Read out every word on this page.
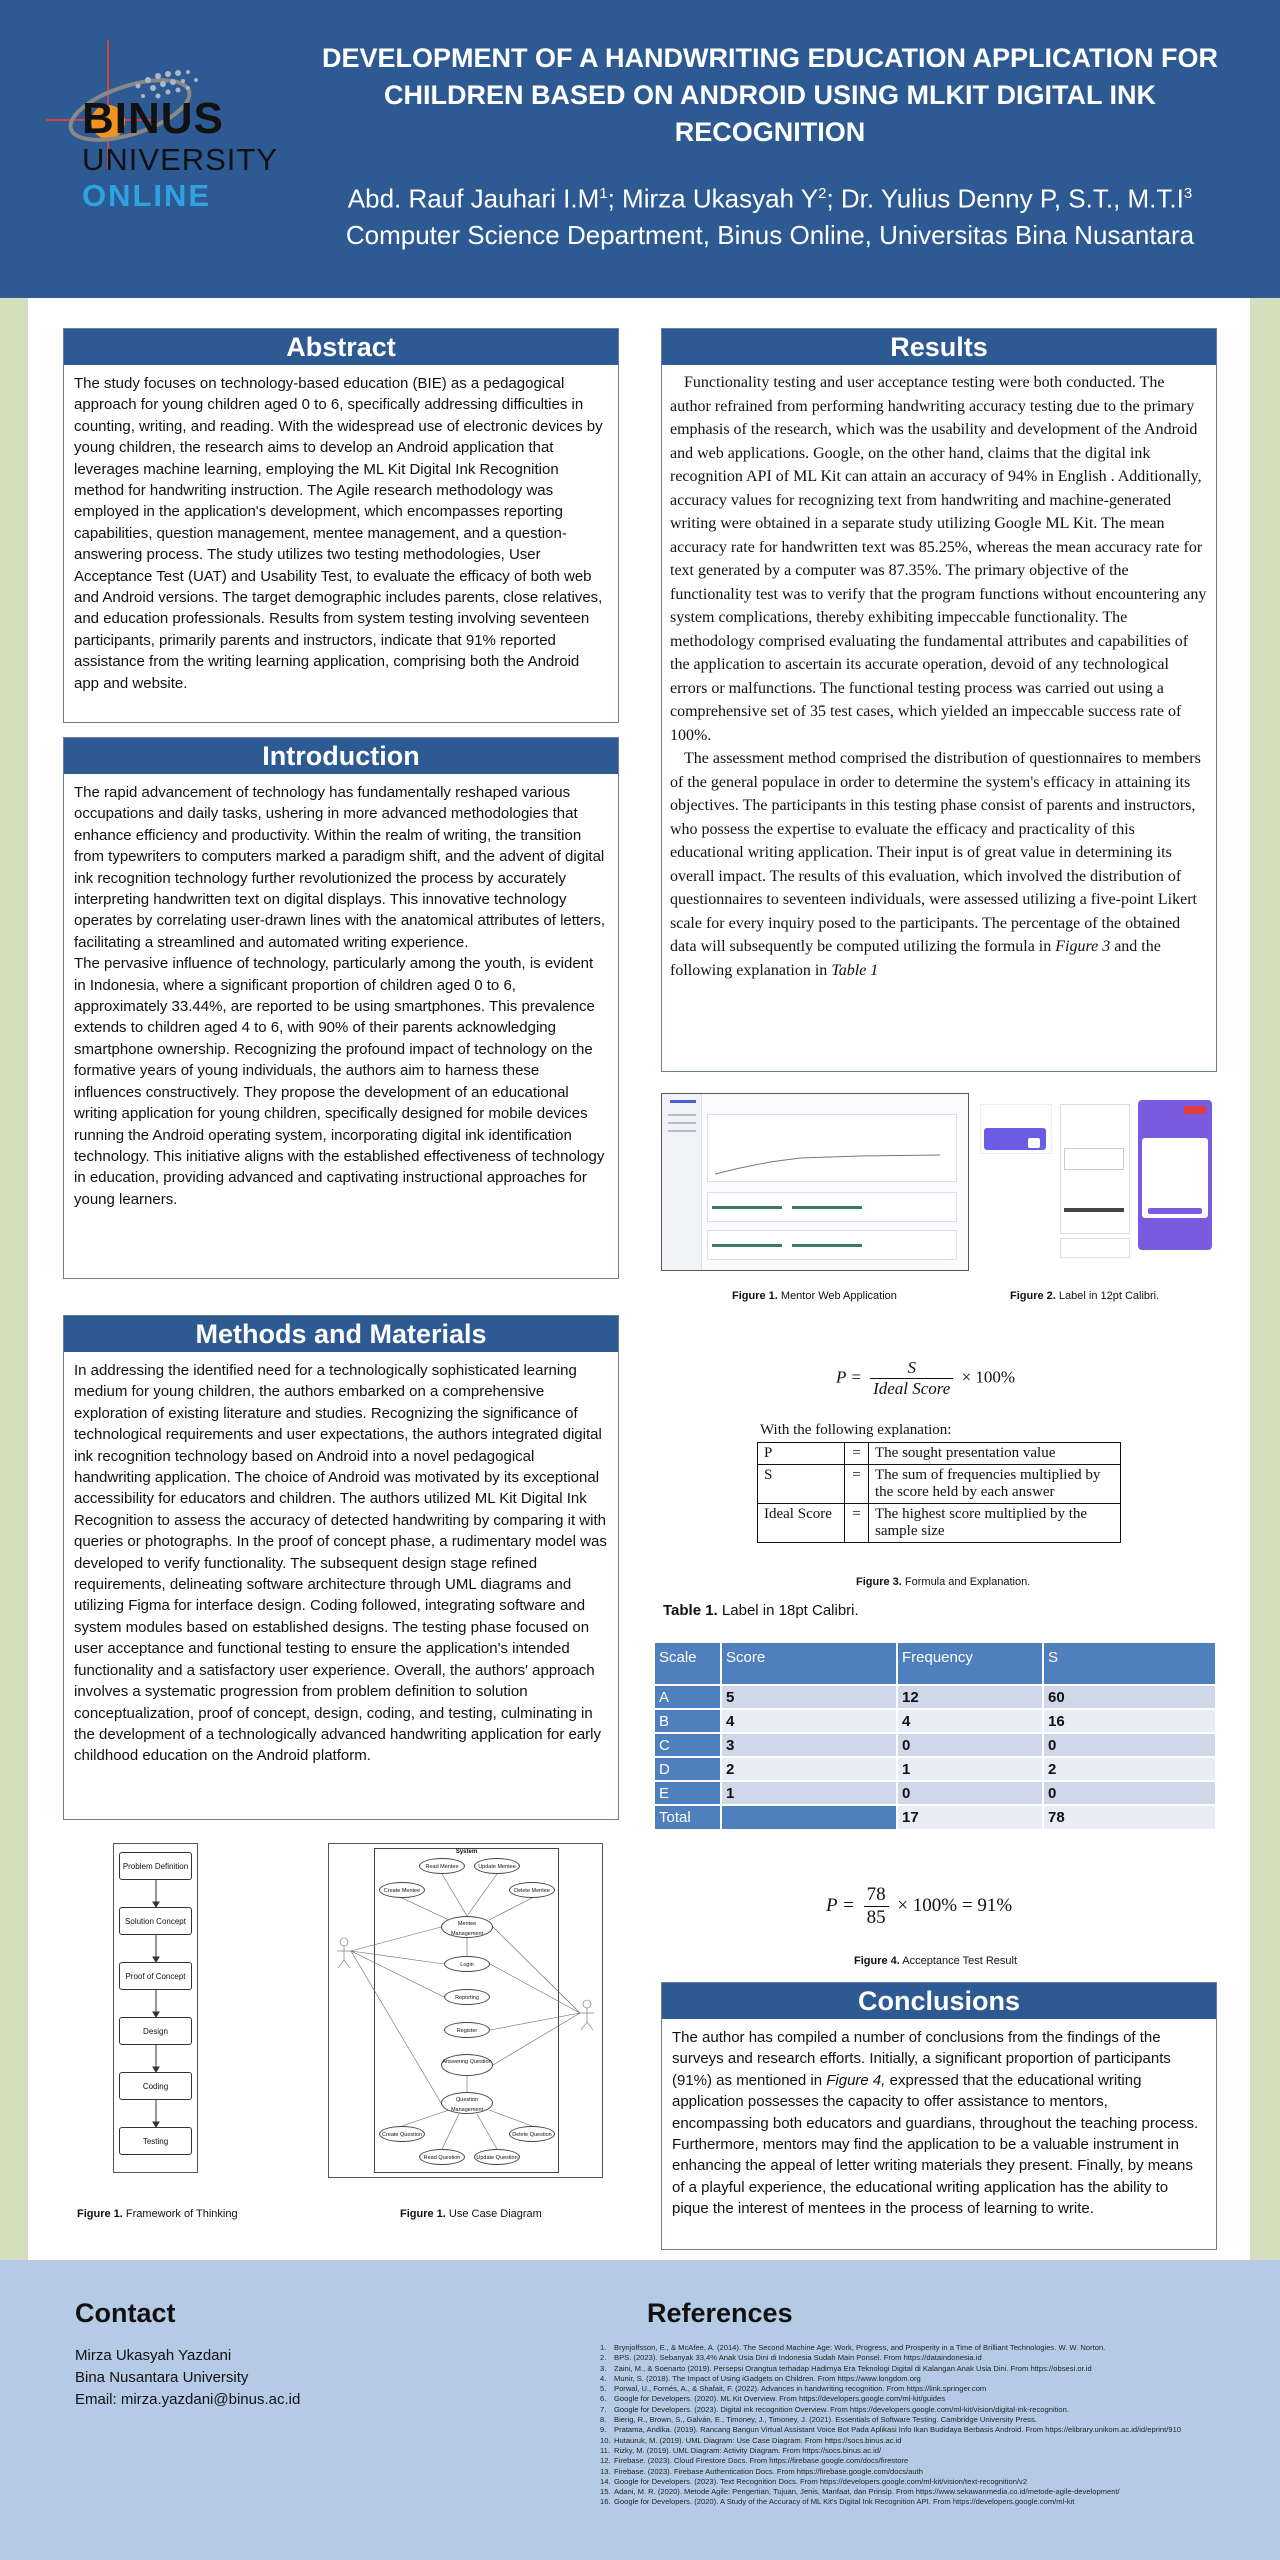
BINUS
UNIVERSITY
ONLINE
DEVELOPMENT OF A HANDWRITING EDUCATION APPLICATION FOR CHILDREN BASED ON ANDROID USING MLKIT DIGITAL INK RECOGNITION
Abd. Rauf Jauhari $I.M^1$; Mirza Ukasyah $Y^2$; Dr. Yulius Denny P, S.T., $M.T.I^3$
Computer Science Department, Binus Online, Universitas Bina Nusantara
Abstract
The study focuses on technology-based education (BIE) as a pedagogical approach for young children aged 0 to 6, specifically addressing difficulties in counting, writing, and reading. With the widespread use of electronic devices by young children, the research aims to develop an Android application that leverages machine learning, employing the ML Kit Digital Ink Recognition method for handwriting instruction. The Agile research methodology was employed in the application's development, which encompasses reporting capabilities, question management, mentee management, and a question-answering process. The study utilizes two testing methodologies, User Acceptance Test (UAT) and Usability Test, to evaluate the efficacy of both web and Android versions. The target demographic includes parents, close relatives, and education professionals. Results from system testing involving seventeen participants, primarily parents and instructors, indicate that 91% reported assistance from the writing learning application, comprising both the Android app and website.
Introduction
The rapid advancement of technology has fundamentally reshaped various occupations and daily tasks, ushering in more advanced methodologies that enhance efficiency and productivity. Within the realm of writing, the transition from typewriters to computers marked a paradigm shift, and the advent of digital ink recognition technology further revolutionized the process by accurately interpreting handwritten text on digital displays. This innovative technology operates by correlating user-drawn lines with the anatomical attributes of letters, facilitating a streamlined and automated writing experience.
The pervasive influence of technology, particularly among the youth, is evident in Indonesia, where a significant proportion of children aged 0 to 6, approximately 33.44%, are reported to be using smartphones. This prevalence extends to children aged 4 to 6, with 90% of their parents acknowledging smartphone ownership. Recognizing the profound impact of technology on the formative years of young individuals, the authors aim to harness these influences constructively. They propose the development of an educational writing application for young children, specifically designed for mobile devices running the Android operating system, incorporating digital ink identification technology. This initiative aligns with the established effectiveness of technology in education, providing advanced and captivating instructional approaches for young learners.
Methods and Materials
In addressing the identified need for a technologically sophisticated learning medium for young children, the authors embarked on a comprehensive exploration of existing literature and studies. Recognizing the significance of technological requirements and user expectations, the authors integrated digital ink recognition technology based on Android into a novel pedagogical handwriting application. The choice of Android was motivated by its exceptional accessibility for educators and children. The authors utilized ML Kit Digital Ink Recognition to assess the accuracy of detected handwriting by comparing it with queries or photographs. In the proof of concept phase, a rudimentary model was developed to verify functionality. The subsequent design stage refined requirements, delineating software architecture through UML diagrams and utilizing Figma for interface design. Coding followed, integrating software and system modules based on established designs. The testing phase focused on user acceptance and functional testing to ensure the application's intended functionality and a satisfactory user experience. Overall, the authors' approach involves a systematic progression from problem definition to solution conceptualization, proof of concept, design, coding, and testing, culminating in the development of a technologically advanced handwriting application for early childhood education on the Android platform.
Problem Definition
Solution Concept
Proof of Concept
Design
Coding
Testing
Figure 1. Framework of Thinking
System
Read Mentee	Update Mentee
Create Mentee	Delete Mentee
Mentee Management
Login
Reporting
Register
Answering Question
Question Management
Create Question
Read Question	Update Question
Delete Question
Figure 1. Use Case Diagram
Results
Functionality testing and user acceptance testing were both conducted. The author refrained from performing handwriting accuracy testing due to the primary emphasis of the research, which was the usability and development of the Android and web applications. Google, on the other hand, claims that the digital ink recognition API of ML Kit can attain an accuracy of 94% in English . Additionally, accuracy values for recognizing text from handwriting and machine-generated writing were obtained in a separate study utilizing Google ML Kit. The mean accuracy rate for handwritten text was 85.25%, whereas the mean accuracy rate for text generated by a computer was 87.35%. The primary objective of the functionality test was to verify that the program functions without encountering any system complications, thereby exhibiting impeccable functionality. The methodology comprised evaluating the fundamental attributes and capabilities of the application to ascertain its accurate operation, devoid of any technological errors or malfunctions. The functional testing process was carried out using a comprehensive set of 35 test cases, which yielded an impeccable success rate of 100%.
The assessment method comprised the distribution of questionnaires to members of the general populace in order to determine the system's efficacy in attaining its objectives. The participants in this testing phase consist of parents and instructors, who possess the expertise to evaluate the efficacy and practicality of this educational writing application. Their input is of great value in determining its overall impact. The results of this evaluation, which involved the distribution of questionnaires to seventeen individuals, were assessed utilizing a five-point Likert scale for every inquiry posed to the participants. The percentage of the obtained data will subsequently be computed utilizing the formula in Figure 3 and the following explanation in Table 1
Figure 1. Mentor Web Application	Figure 2. Label in 12pt Calibri.
$P = \frac{S}{\text{Ideal Score}} \times 100\%$
With the following explanation:
P	=	The sought presentation value
S	=	The sum of frequencies multiplied by the score held by each answer
Ideal Score	=	The highest score multiplied by the sample size
Figure 3. Formula and Explanation.
Table 1. Label in 18pt Calibri.
Scale	Score	Frequency	S
A	5	12	60
B	4	4	16
C	3	0	0
D	2	1	2
E	1	0	0
Total		17	78
$P = \frac{78}{85} \times 100\% = 91\%$
Figure 4. Acceptance Test Result
Conclusions
The author has compiled a number of conclusions from the findings of the surveys and research efforts. Initially, a significant proportion of participants (91%) as mentioned in Figure 4, expressed that the educational writing application possesses the capacity to offer assistance to mentors, encompassing both educators and guardians, throughout the teaching process. Furthermore, mentors may find the application to be a valuable instrument in enhancing the appeal of letter writing materials they present. Finally, by means of a playful experience, the educational writing application has the ability to pique the interest of mentees in the process of learning to write.
Contact
Mirza Ukasyah Yazdani
Bina Nusantara University
Email: mirza.yazdani@binus.ac.id
References
1.	Brynjolfsson, E., & McAfee, A. (2014). The Second Machine Age: Work, Progress, and Prosperity in a Time of Brilliant Technologies. W. W. Norton.
2.	BPS. (2023). Sebanyak 33,4% Anak Usia Dini di Indonesia Sudah Main Ponsel. From https://dataindonesia.id
3.	Zaini, M., & Soenarto (2019). Persepsi Orangtua terhadap Hadirnya Era Teknologi Digital di Kalangan Anak Usia Dini. From https://obsesi.or.id
4.	Munir, S. (2018). The Impact of Using iGadgets on Children. From https://www.longdom.org
5.	Porwal, U., Fornés, A., & Shafait, F. (2022). Advances in handwriting recognition. From https://link.springer.com
6.	Google for Developers. (2020). ML Kit Overview. From https://developers.google.com/ml-kit/guides
7.	Google for Developers. (2023). Digital ink recognition Overview. From https://developers.google.com/ml-kit/vision/digital-ink-recognition.
8.	Bierig, R., Brown, S., Galván, E., Timoney, J., Timoney, J. (2021). Essentials of Software Testing. Cambridge University Press.
9.	Pratama, Andika. (2019). Rancang Bangun Virtual Assistant Voice Bot Pada Aplikasi Info Ikan Budidaya Berbasis Android. From https://elibrary.unikom.ac.id/id/eprint/910
10. Hutauruk, M. (2019). UML Diagram: Use Case Diagram. From https://socs.binus.ac.id
11. Rizky, M. (2019). UML Diagram: Activity Diagram. From https://socs.binus.ac.id/
12. Firebase. (2023). Cloud Firestore Docs. From https://firebase.google.com/docs/firestore
13. Firebase. (2023). Firebase Authentication Docs. From https://firebase.google.com/docs/auth
14. Google for Developers. (2023). Text Recognition Docs. From https://developers.google.com/ml-kit/vision/text-recognition/v2
15. Adani, M. R. (2020). Metode Agile: Pengertian, Tujuan, Jenis, Manfaat, dan Prinsip. From https://www.sekawanmedia.co.id/metode-agile-development/
16. Google for Developers. (2020). A Study of the Accuracy of ML Kit's Digital Ink Recognition API. From https://developers.google.com/ml-kit
